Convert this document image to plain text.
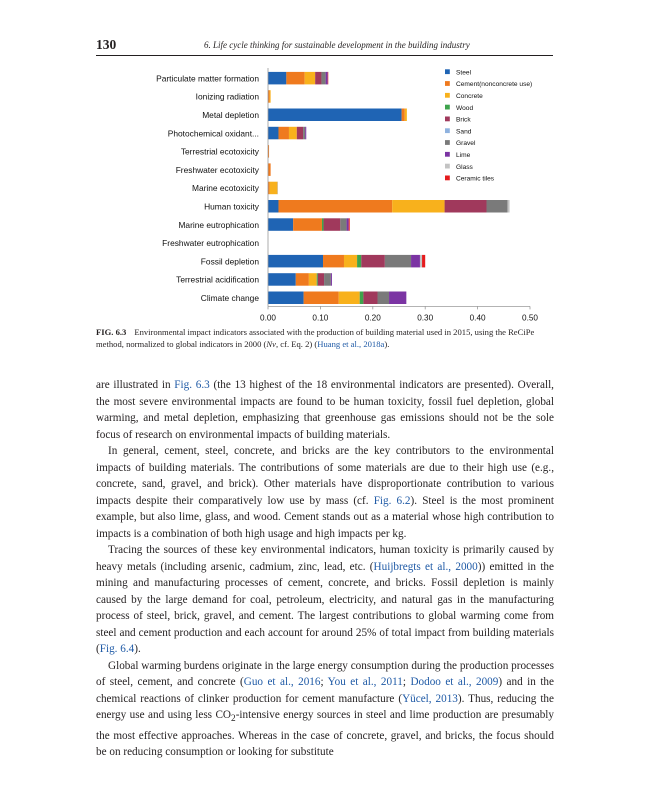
130	6. Life cycle thinking for sustainable development in the building industry
Particulate matter formation
Ionizing radiation
Metal depletion
Photochemical oxidant...
Terrestrial ecotoxicity
Freshwater ecotoxicity
Marine ecotoxicity
Human toxicity
Marine eutrophication
Freshwater eutrophication
Fossil depletion
Terrestrial acidification
Climate change
0.00	0.10	0.20	0.30	0.40	0.50
Steel
Cement(nonconcrete use)
Concrete
Wood
Brick
Sand
Gravel
Lime
Glass
Ceramic tiles
FIG. 6.3 Environmental impact indicators associated with the production of building material used in 2015, using the ReCiPe method, normalized to global indicators in 2000 (Nv, cf. Eq. 2) (Huang et al., 2018a).

are illustrated in Fig. 6.3 (the 13 highest of the 18 environmental indicators are presented). Overall, the most severe environmental impacts are found to be human toxicity, fossil fuel depletion, global warming, and metal depletion, emphasizing that greenhouse gas emissions should not be the sole focus of research on environmental impacts of building materials.

In general, cement, steel, concrete, and bricks are the key contributors to the environmental impacts of building materials. The contributions of some materials are due to their high use (e.g., concrete, sand, gravel, and brick). Other materials have disproportionate contribution to various impacts despite their comparatively low use by mass (cf. Fig. 6.2). Steel is the most prominent example, but also lime, glass, and wood. Cement stands out as a material whose high contribution to impacts is a combination of both high usage and high impacts per kg.

Tracing the sources of these key environmental indicators, human toxicity is primarily caused by heavy metals (including arsenic, cadmium, zinc, lead, etc. (Huijbregts et al., 2000)) emitted in the mining and manufacturing processes of cement, concrete, and bricks. Fossil depletion is mainly caused by the large demand for coal, petroleum, electricity, and natural gas in the manufacturing process of steel, brick, gravel, and cement. The largest contributions to global warming come from steel and cement production and each account for around 25% of total impact from building materials (Fig. 6.4).

Global warming burdens originate in the large energy consumption during the production processes of steel, cement, and concrete (Guo et al., 2016; You et al., 2011; Dodoo et al., 2009) and in the chemical reactions of clinker production for cement manufacture (Yücel, 2013). Thus, reducing the energy use and using less $CO_2$-intensive energy sources in steel and lime production are presumably the most effective approaches. Whereas in the case of concrete, gravel, and bricks, the focus should be on reducing consumption or looking for substitute
